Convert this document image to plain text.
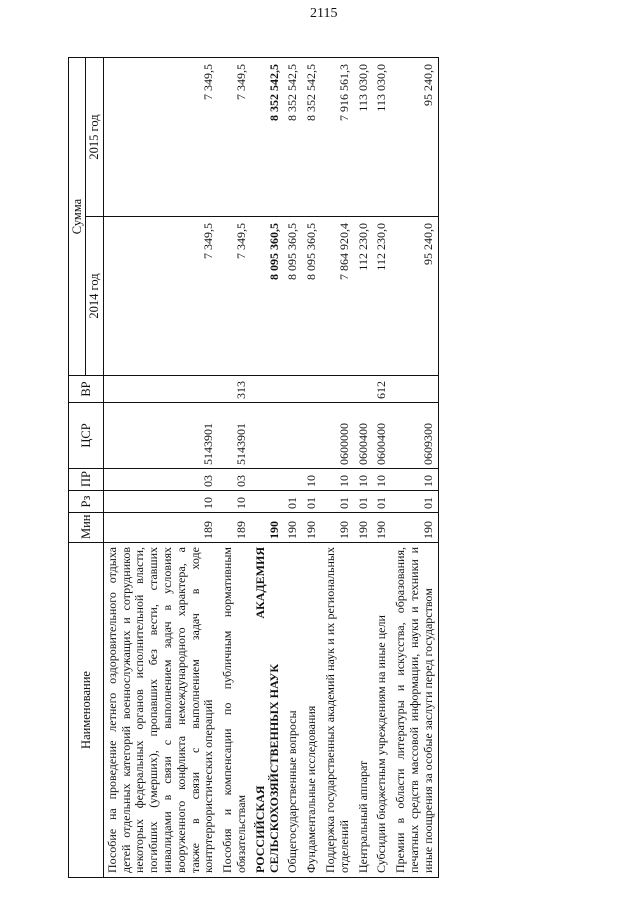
2115
Наименование	Мин	Рз	ПР	ЦСР	ВР	Сумма	
						2014 год	2015 год
Пособие на проведение летнего оздоровительного отдыха детей отдельных категорий военнослужащих и сотрудников некоторых федеральных органов исполнительной власти, погибших (умерших), пропавших без вести, ставших инвалидами в связи с выполнением задач в условиях вооруженного конфликта немеждународного характера, а также в связи с выполнением задач в ходе контртеррористических операций	189	10	03	5143901		7 349,5	7 349,5
Пособия и компенсации по публичным нормативным обязательствам	189	10	03	5143901	313	7 349,5	7 349,5
РОССИЙСКАЯ АКАДЕМИЯ СЕЛЬСКОХОЗЯЙСТВЕННЫХ НАУК	190					8 095 360,5	8 352 542,5
Общегосударственные вопросы	190	01				8 095 360,5	8 352 542,5
Фундаментальные исследования	190	01	10			8 095 360,5	8 352 542,5
Поддержка государственных академий наук и их региональных отделений	190	01	10	0600000		7 864 920,4	7 916 561,3
Центральный аппарат	190	01	10	0600400		112 230,0	113 030,0
Субсидии бюджетным учреждениям на иные цели	190	01	10	0600400	612	112 230,0	113 030,0
Премии в области литературы и искусства, образования, печатных средств массовой информации, науки и техники и иные поощрения за особые заслуги перед государством	190	01	10	0609300		95 240,0	95 240,0
